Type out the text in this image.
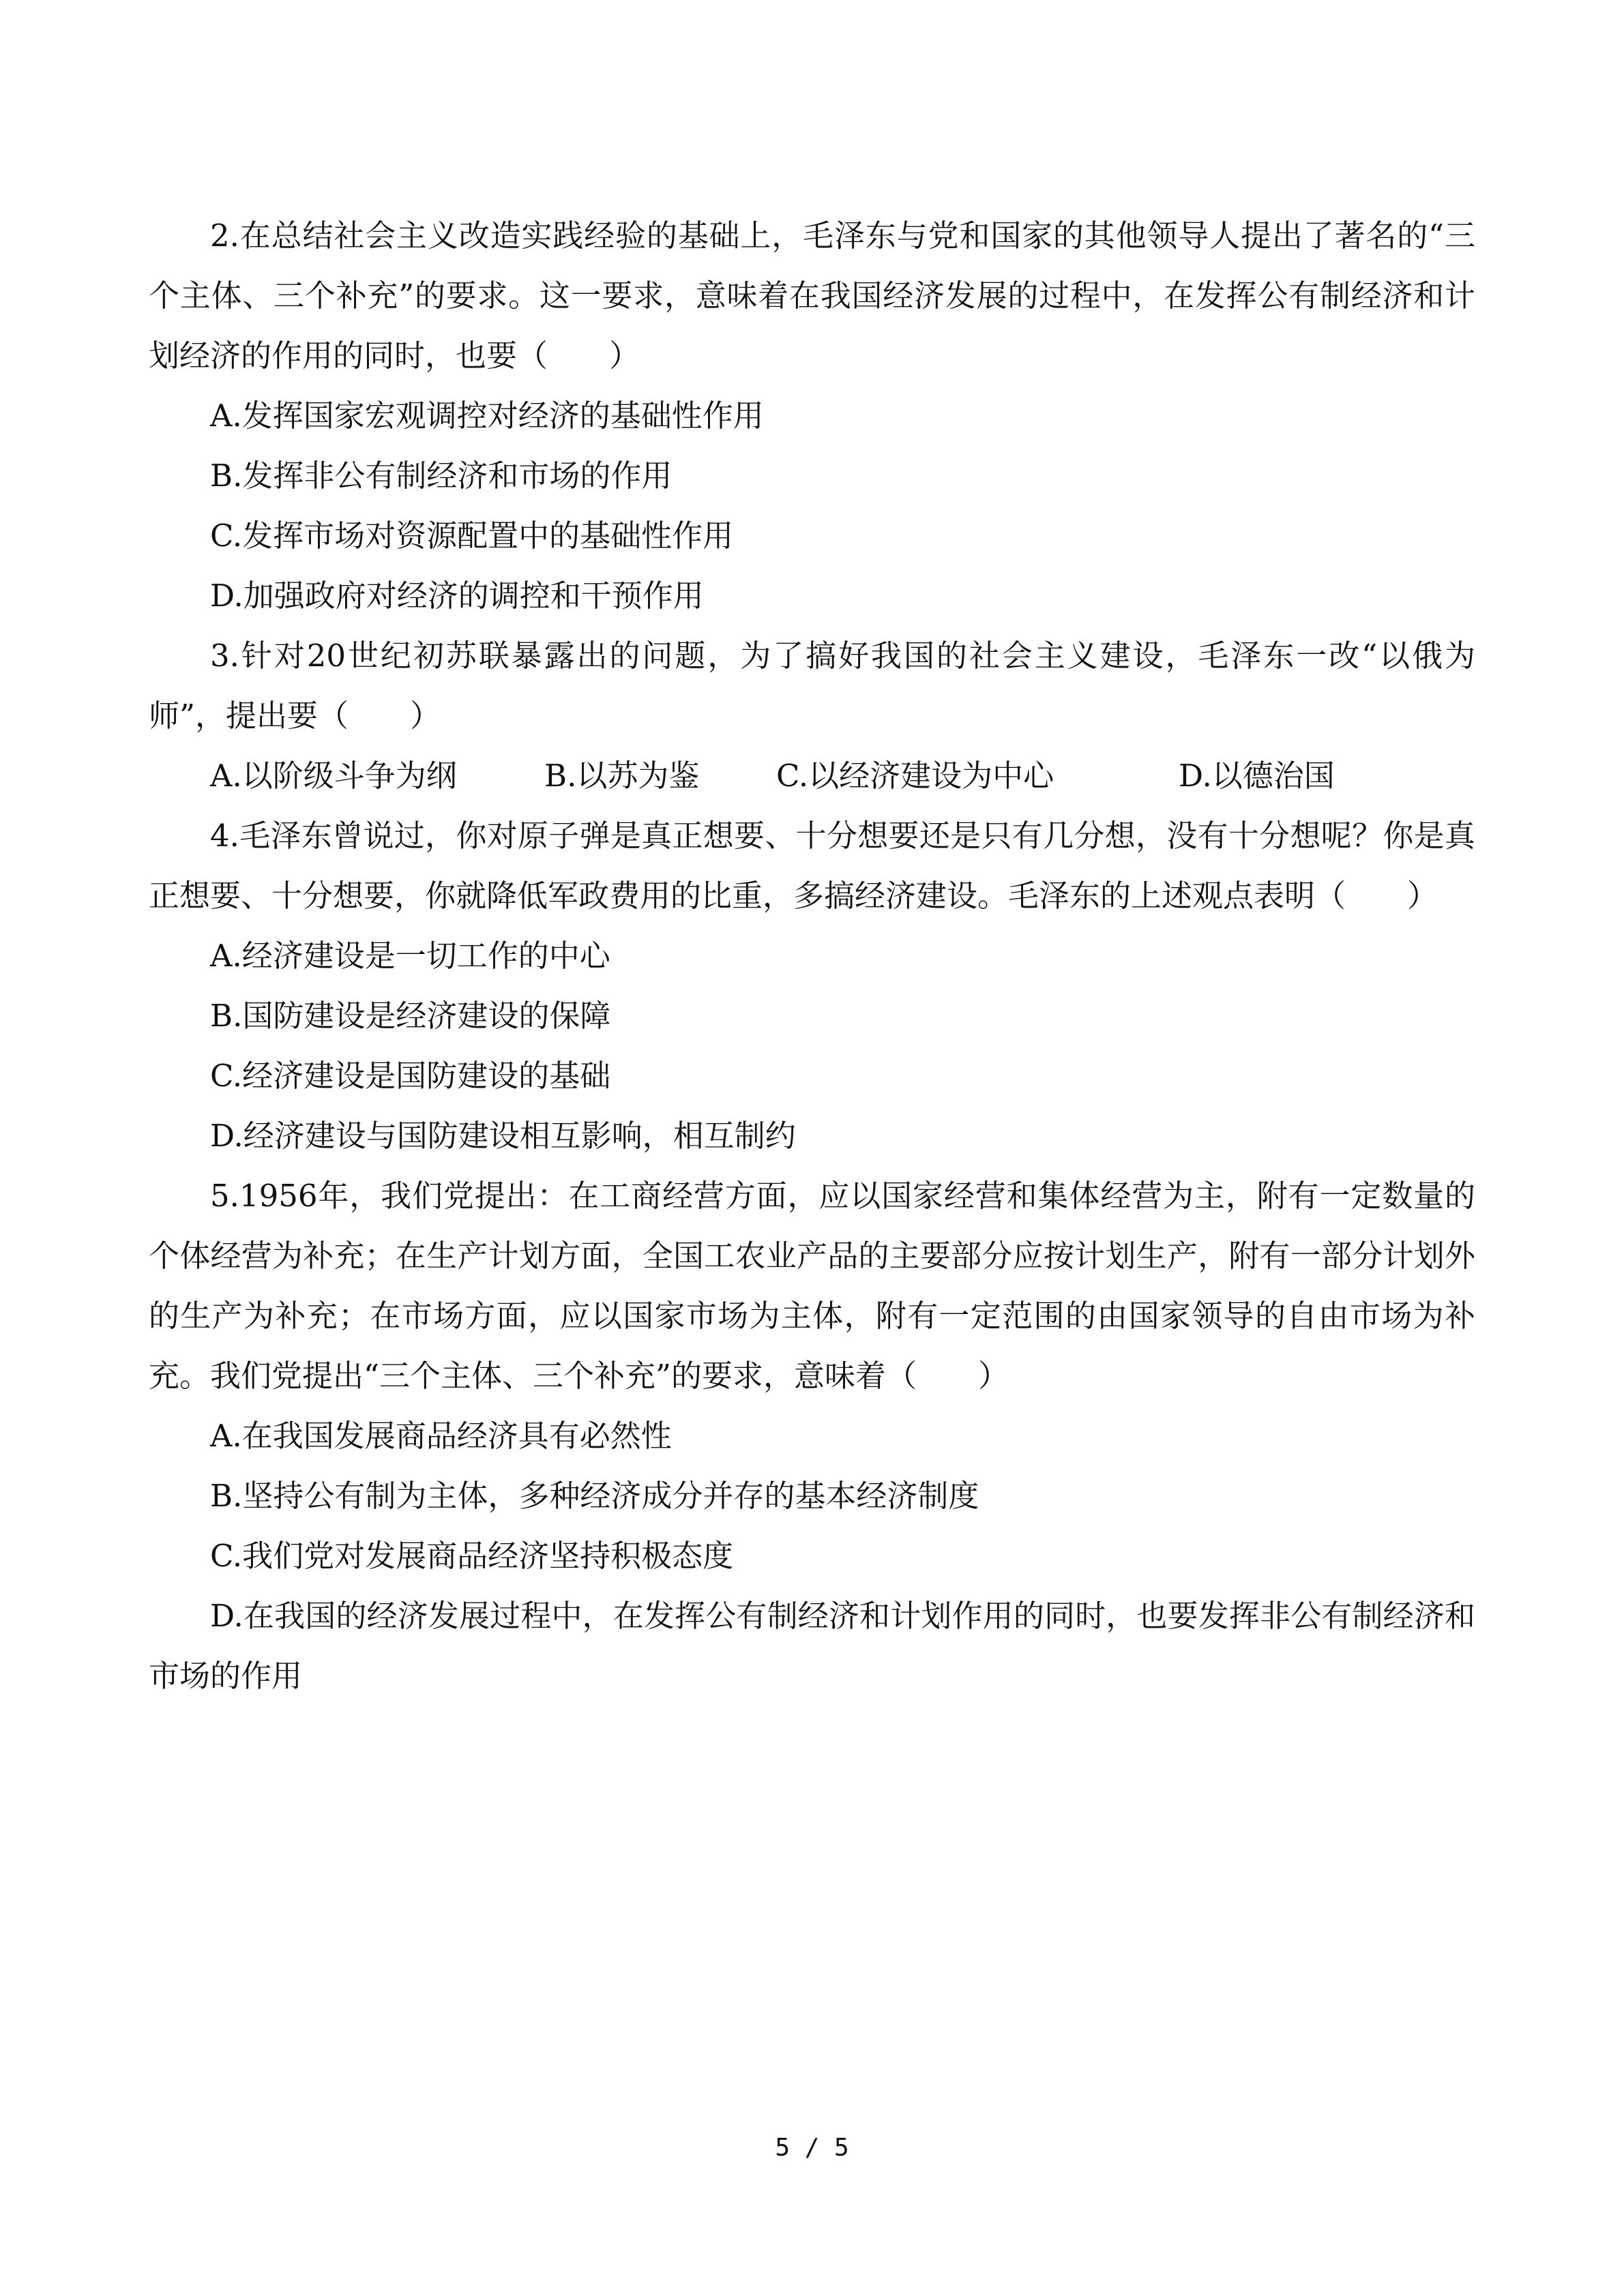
2.在总结社会主义改造实践经验的基础上，毛泽东与党和国家的其他领导人提出了著名的“三个主体、三个补充”的要求。这一要求，意味着在我国经济发展的过程中，在发挥公有制经济和计划经济的作用的同时，也要（　　）

A.发挥国家宏观调控对经济的基础性作用

B.发挥非公有制经济和市场的作用

C.发挥市场对资源配置中的基础性作用

D.加强政府对经济的调控和干预作用

3.针对20世纪初苏联暴露出的问题，为了搞好我国的社会主义建设，毛泽东一改“以俄为师”，提出要（　　）

A.以阶级斗争为纲	B.以苏为鉴	C.以经济建设为中心	D.以德治国

4.毛泽东曾说过，你对原子弹是真正想要、十分想要还是只有几分想，没有十分想呢？你是真正想要、十分想要，你就降低军政费用的比重，多搞经济建设。毛泽东的上述观点表明（　　）

A.经济建设是一切工作的中心

B.国防建设是经济建设的保障

C.经济建设是国防建设的基础

D.经济建设与国防建设相互影响，相互制约

5.1956年，我们党提出：在工商经营方面，应以国家经营和集体经营为主，附有一定数量的个体经营为补充；在生产计划方面，全国工农业产品的主要部分应按计划生产，附有一部分计划外的生产为补充；在市场方面，应以国家市场为主体，附有一定范围的由国家领导的自由市场为补充。我们党提出“三个主体、三个补充”的要求，意味着（　　）

A.在我国发展商品经济具有必然性

B.坚持公有制为主体，多种经济成分并存的基本经济制度

C.我们党对发展商品经济坚持积极态度

D.在我国的经济发展过程中，在发挥公有制经济和计划作用的同时，也要发挥非公有制经济和市场的作用

5 / 5
